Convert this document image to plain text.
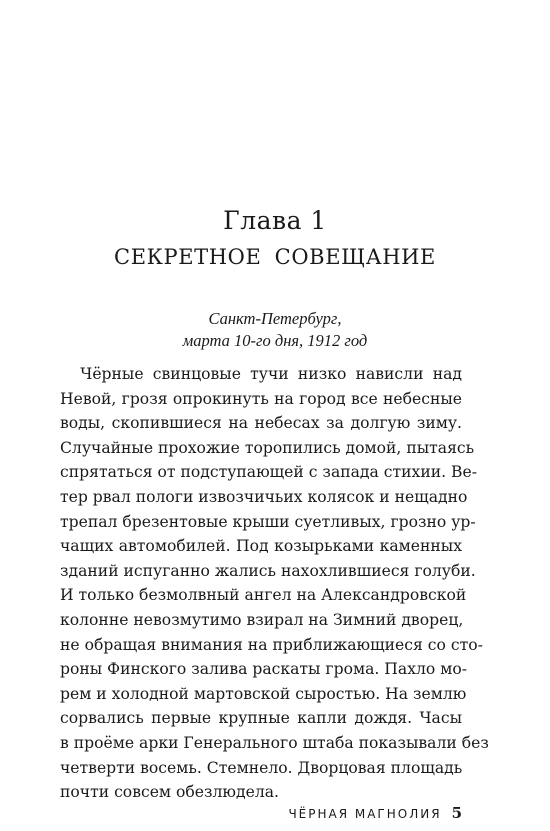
Глава 1
СЕКРЕТНОЕ СОВЕЩАНИЕ
Санкт-Петербург,
марта 10-го дня, 1912 год
Чёрные свинцовые тучи низко нависли над
Невой, грозя опрокинуть на город все небесные
воды, скопившиеся на небесах за долгую зиму.
Случайные прохожие торопились домой, пытаясь
спрятаться от подступающей с запада стихии. Ве-
тер рвал пологи извозчичьих колясок и нещадно
трепал брезентовые крыши суетливых, грозно ур-
чащих автомобилей. Под козырьками каменных
зданий испуганно жались нахохлившиеся голуби.
И только безмолвный ангел на Александровской
колонне невозмутимо взирал на Зимний дворец,
не обращая внимания на приближающиеся со сто-
роны Финского залива раскаты грома. Пахло мо-
рем и холодной мартовской сыростью. На землю
сорвались первые крупные капли дождя. Часы
в проёме арки Генерального штаба показывали без
четверти восемь. Стемнело. Дворцовая площадь
почти совсем обезлюдела.
ЧЁРНАЯ МАГНОЛИЯ 5
